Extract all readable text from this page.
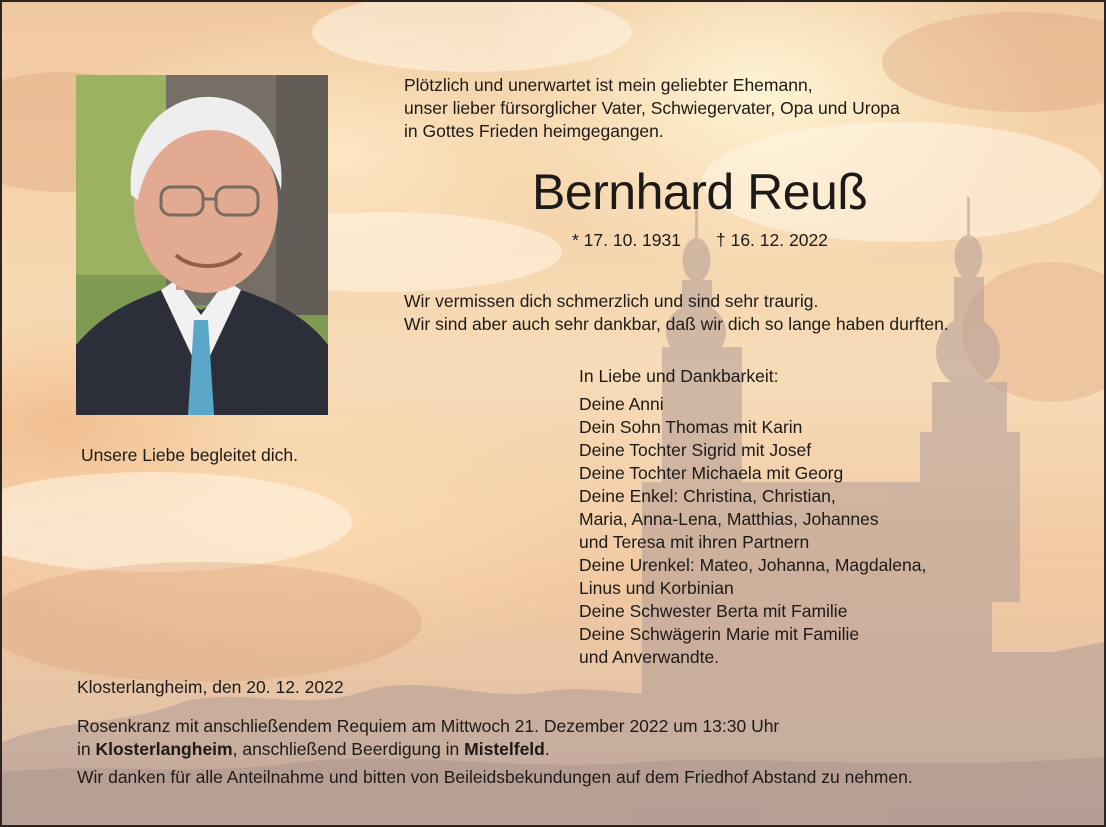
Unsere Liebe begleitet dich.
Plötzlich und unerwartet ist mein geliebter Ehemann,
unser lieber fürsorglicher Vater, Schwiegervater, Opa und Uropa
in Gottes Frieden heimgegangen.
Bernhard Reuß
* 17. 10. 1931 † 16. 12. 2022
Wir vermissen dich schmerzlich und sind sehr traurig.
Wir sind aber auch sehr dankbar, daß wir dich so lange haben durften.
In Liebe und Dankbarkeit:
Deine Anni
Dein Sohn Thomas mit Karin
Deine Tochter Sigrid mit Josef
Deine Tochter Michaela mit Georg
Deine Enkel: Christina, Christian,
Maria, Anna-Lena, Matthias, Johannes
und Teresa mit ihren Partnern
Deine Urenkel: Mateo, Johanna, Magdalena,
Linus und Korbinian
Deine Schwester Berta mit Familie
Deine Schwägerin Marie mit Familie
und Anverwandte.
Klosterlangheim, den 20. 12. 2022
Rosenkranz mit anschließendem Requiem am Mittwoch 21. Dezember 2022 um 13:30 Uhr
in Klosterlangheim, anschließend Beerdigung in Mistelfeld.
Wir danken für alle Anteilnahme und bitten von Beileidsbekundungen auf dem Friedhof Abstand zu nehmen.
